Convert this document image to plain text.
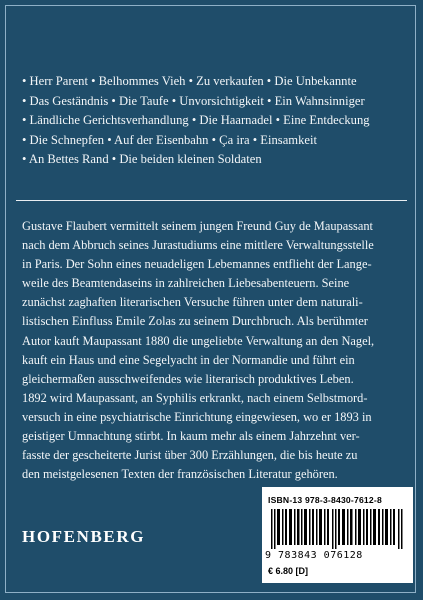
• Herr Parent • Belhommes Vieh • Zu verkaufen • Die Unbekannte
• Das Geständnis • Die Taufe • Unvorsichtigkeit • Ein Wahnsinniger
• Ländliche Gerichtsverhandlung • Die Haarnadel • Eine Entdeckung
• Die Schnepfen • Auf der Eisenbahn • Ça ira • Einsamkeit
• An Bettes Rand • Die beiden kleinen Soldaten
Gustave Flaubert vermittelt seinem jungen Freund Guy de Maupassant
nach dem Abbruch seines Jurastudiums eine mittlere Verwaltungsstelle
in Paris. Der Sohn eines neuadeligen Lebemannes entflieht der Lange-
weile des Beamtendaseins in zahlreichen Liebesabenteuern. Seine
zunächst zaghaften literarischen Versuche führen unter dem naturali-
listischen Einfluss Emile Zolas zu seinem Durchbruch. Als berühmter
Autor kauft Maupassant 1880 die ungeliebte Verwaltung an den Nagel,
kauft ein Haus und eine Segelyacht in der Normandie und führt ein
gleichermaßen ausschweifendes wie literarisch produktives Leben.
1892 wird Maupassant, an Syphilis erkrankt, nach einem Selbstmord-
versuch in eine psychiatrische Einrichtung eingewiesen, wo er 1893 in
geistiger Umnachtung stirbt. In kaum mehr als einem Jahrzehnt ver-
fasste der gescheiterte Jurist über 300 Erzählungen, die bis heute zu
den meistgelesenen Texten der französischen Literatur gehören.
HOFENBERG
ISBN-13 978-3-8430-7612-8
9 783843 076128
€ 6.80 [D]
